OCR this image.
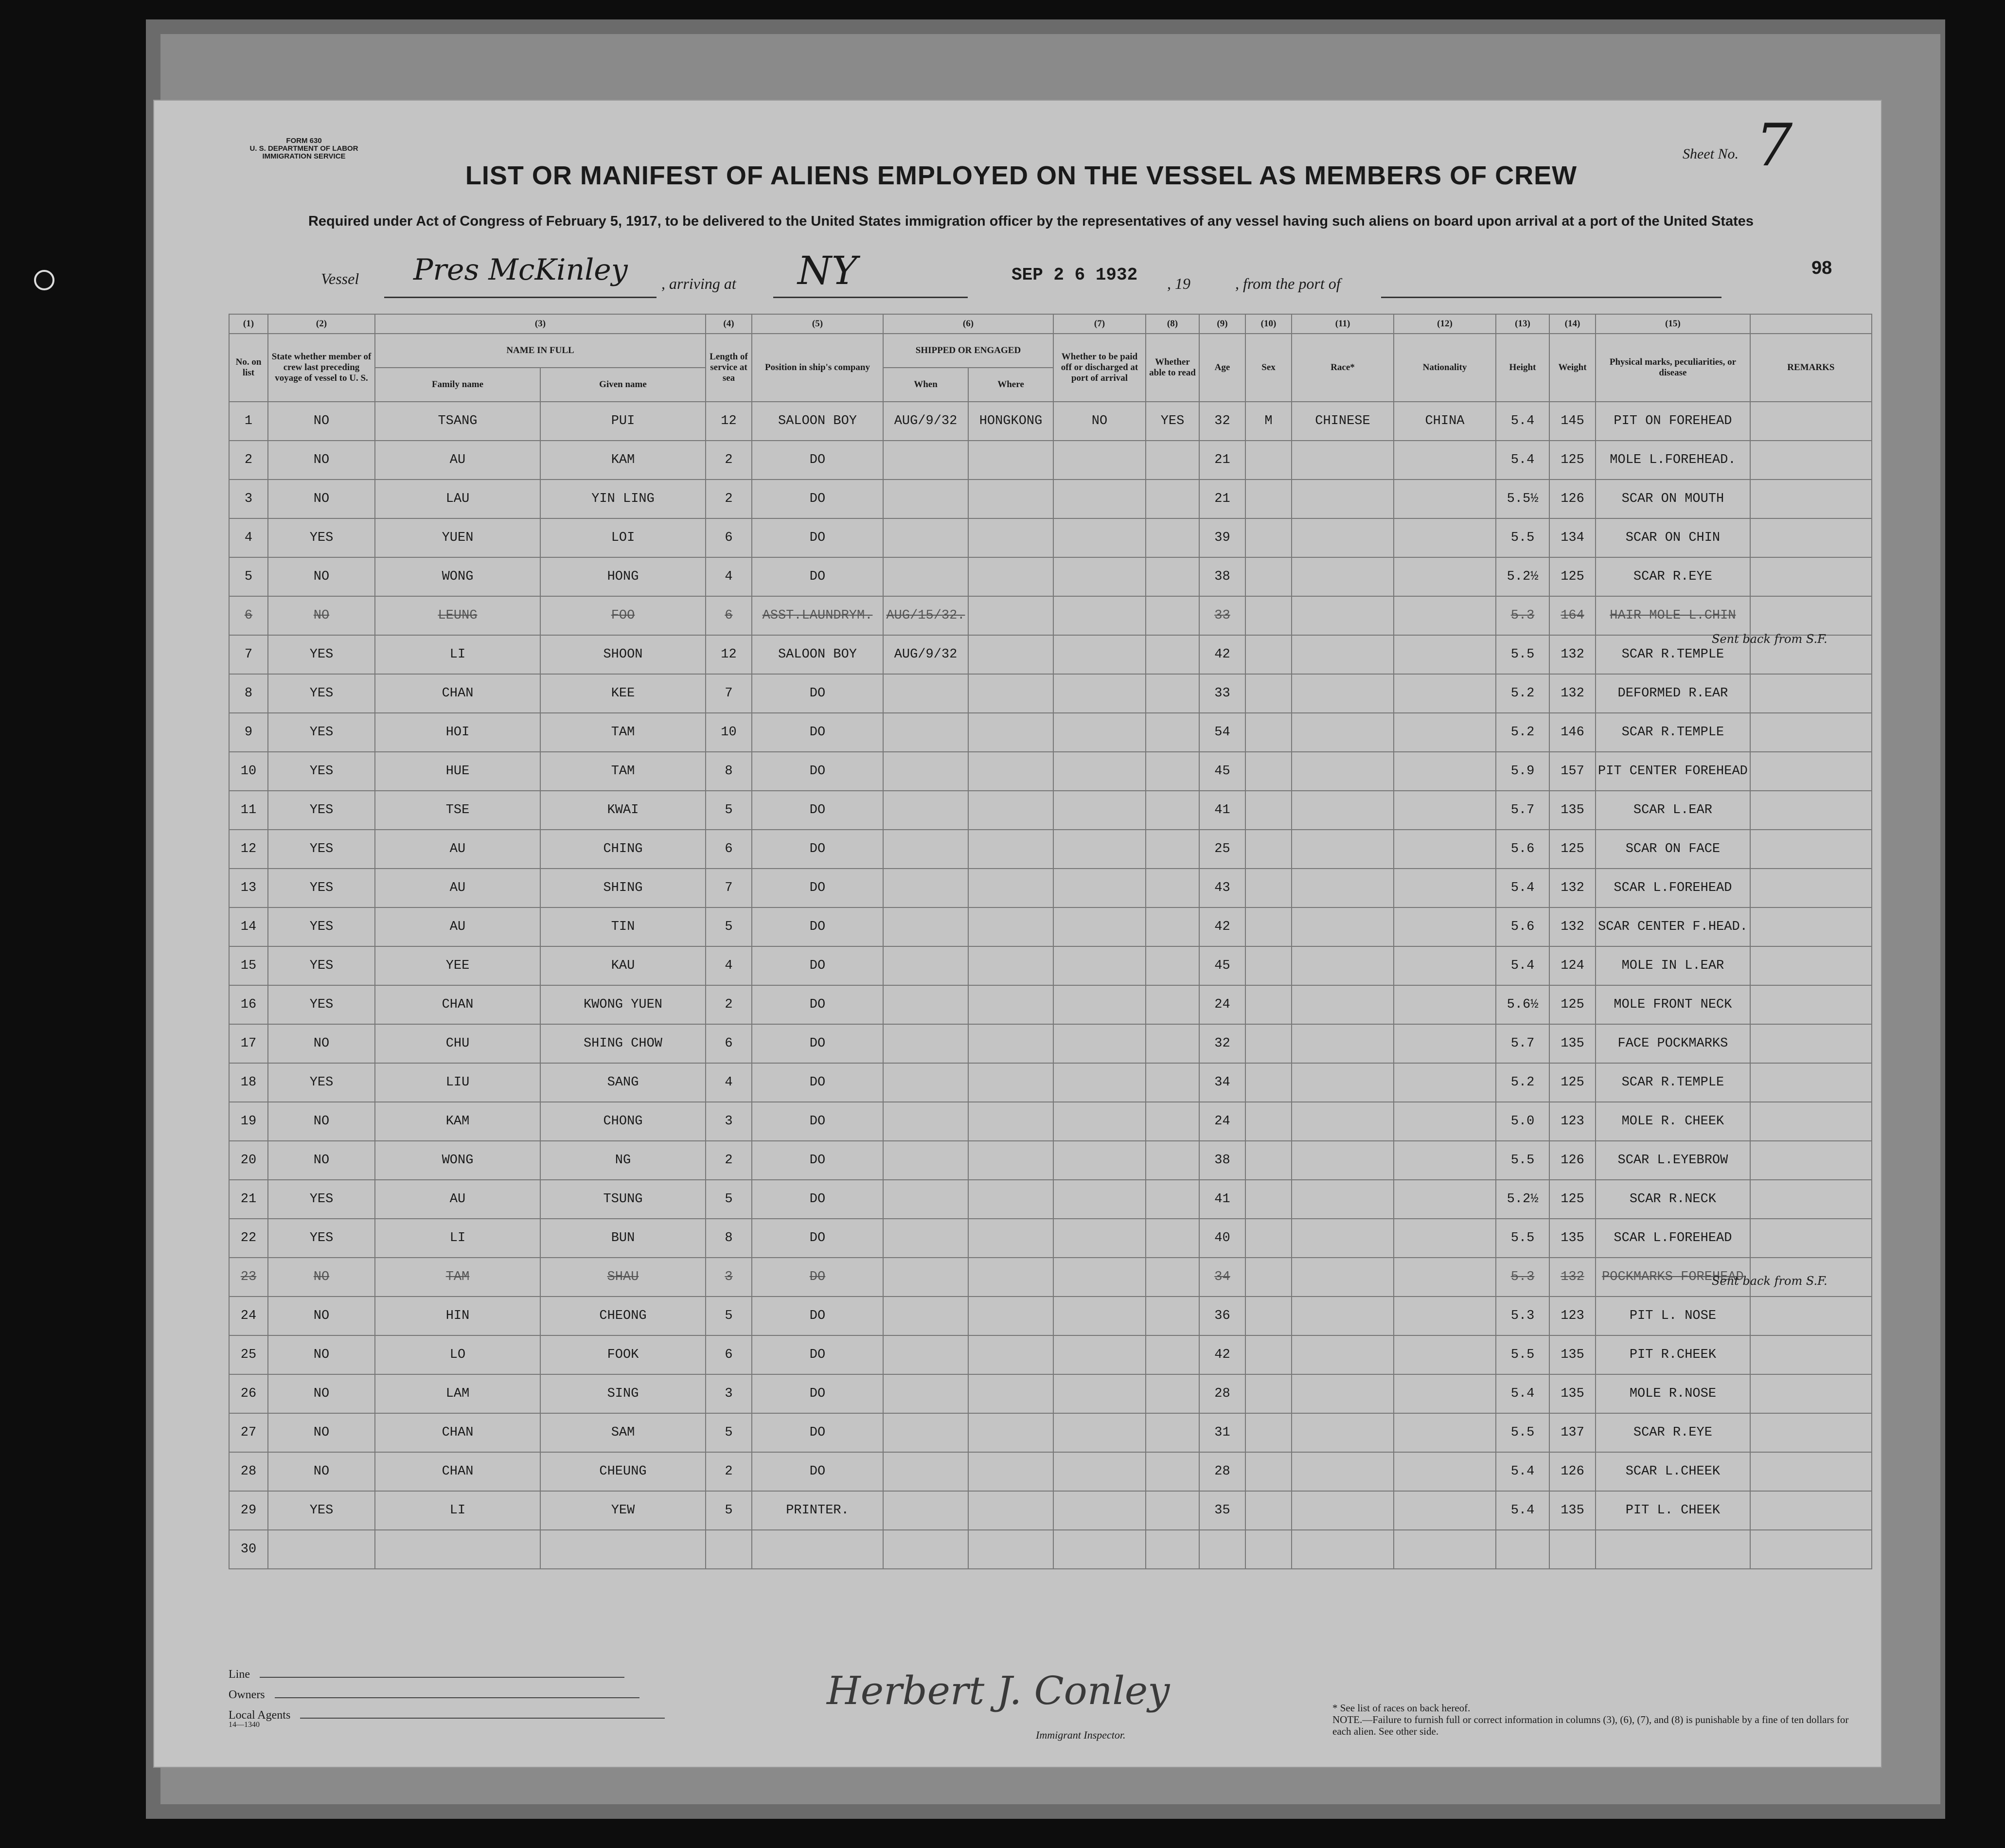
FORM 630
U. S. DEPARTMENT OF LABOR
IMMIGRATION SERVICE	Sheet No. 7
LIST OR MANIFEST OF ALIENS EMPLOYED ON THE VESSEL AS MEMBERS OF CREW
Required under Act of Congress of February 5, 1917, to be delivered to the United States immigration officer by the representatives of any vessel having such aliens on board upon arrival at a port of the United States
Vessel Pres McKinley , arriving at NY	SEP 2 6 1932 , 19	, from the port of
98
(1)	(2)	(3)		(4)	(5)	(6)		(7)	(8)	(9)	(10)	(11)	(12)	(13)	(14)	(15)	
No. on list	State whether member of crew last preceding voyage of vessel to U. S.	NAME IN FULL		Length of service at sea	Position in ship's company	SHIPPED OR ENGAGED		Whether to be paid off or discharged at port of arrival	Whether able to read	Age	Sex	Race*	Nationality	Height	Weight	Physical marks, peculiarities, or disease	REMARKS
		Family name	Given name			When	Where										
1	NO	TSANG	PUI	12	SALOON BOY	AUG/9/32	HONGKONG	NO	YES	32	M	CHINESE	CHINA	5.4	145	PIT ON FOREHEAD	
2	NO	AU	KAM	2	DO					21				5.4	125	MOLE L.FOREHEAD.	
3	NO	LAU	YIN LING	2	DO					21				5.5½	126	SCAR ON MOUTH	
4	YES	YUEN	LOI	6	DO					39				5.5	134	SCAR ON CHIN	
5	NO	WONG	HONG	4	DO					38				5.2½	125	SCAR R.EYE	
6	NO	LEUNG	FOO	6	ASST.LAUNDRYM.	AUG/15/32.				33				5.3	164	HAIR MOLE L.CHIN	
7	YES	LI	SHOON	12	SALOON BOY	AUG/9/32				42				5.5	132	SCAR R.TEMPLE	
8	YES	CHAN	KEE	7	DO					33				5.2	132	DEFORMED R.EAR	
9	YES	HOI	TAM	10	DO					54				5.2	146	SCAR R.TEMPLE	
10	YES	HUE	TAM	8	DO					45				5.9	157	PIT CENTER FOREHEAD	
11	YES	TSE	KWAI	5	DO					41				5.7	135	SCAR L.EAR	
12	YES	AU	CHING	6	DO					25				5.6	125	SCAR ON FACE	
13	YES	AU	SHING	7	DO					43				5.4	132	SCAR L.FOREHEAD	
14	YES	AU	TIN	5	DO					42				5.6	132	SCAR CENTER F.HEAD.	
15	YES	YEE	KAU	4	DO					45				5.4	124	MOLE IN L.EAR	
16	YES	CHAN	KWONG YUEN	2	DO					24				5.6½	125	MOLE FRONT NECK	
17	NO	CHU	SHING CHOW	6	DO					32				5.7	135	FACE POCKMARKS	
18	YES	LIU	SANG	4	DO					34				5.2	125	SCAR R.TEMPLE	
19	NO	KAM	CHONG	3	DO					24				5.0	123	MOLE R. CHEEK	
20	NO	WONG	NG	2	DO					38				5.5	126	SCAR L.EYEBROW	
21	YES	AU	TSUNG	5	DO					41				5.2½	125	SCAR R.NECK	
22	YES	LI	BUN	8	DO					40				5.5	135	SCAR L.FOREHEAD	
23	NO	TAM	SHAU	3	DO					34				5.3	132	POCKMARKS FOREHEAD	
24	NO	HIN	CHEONG	5	DO					36				5.3	123	PIT L. NOSE	
25	NO	LO	FOOK	6	DO					42				5.5	135	PIT R.CHEEK	
26	NO	LAM	SING	3	DO					28				5.4	135	MOLE R.NOSE	
27	NO	CHAN	SAM	5	DO					31				5.5	137	SCAR R.EYE	
28	NO	CHAN	CHEUNG	2	DO					28				5.4	126	SCAR L.CHEEK	
29	YES	LI	YEW	5	PRINTER.					35				5.4	135	PIT L. CHEEK	
30																	
Sent back from S.F.
Sent back from S.F.
Line
Owners
Local Agents
14—1340
Herbert J. Conley
Immigrant Inspector.
* See list of races on back hereof.
NOTE.—Failure to furnish full or correct information in columns (3), (6), (7), and (8) is punishable by a fine of ten dollars for each alien. See other side.
